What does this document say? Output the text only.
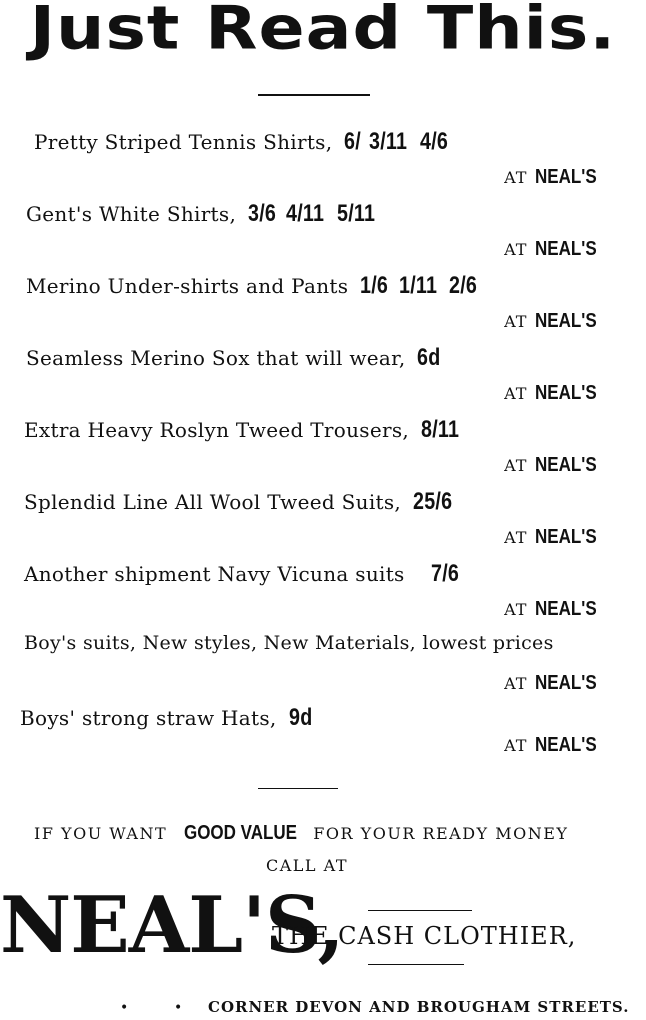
Just Read This.
Pretty Striped Tennis Shirts, 6/ 3/11 4/6
AT NEAL'S
Gent's White Shirts, 3/6 4/11 5/11
AT NEAL'S
Merino Under-shirts and Pants 1/6 1/11 2/6
AT NEAL'S
Seamless Merino Sox that will wear, 6d
AT NEAL'S
Extra Heavy Roslyn Tweed Trousers, 8/11
AT NEAL'S
Splendid Line All Wool Tweed Suits, 25/6
AT NEAL'S
Another shipment Navy Vicuna suits 7/6
AT NEAL'S
Boy's suits, New styles, New Materials, lowest prices
AT NEAL'S
Boys' strong straw Hats, 9d
AT NEAL'S
IF YOU WANT GOOD VALUE FOR YOUR READY MONEY
CALL AT
NEAL'S,
THE CASH CLOTHIER,
•	• CORNER DEVON AND BROUGHAM STREETS.
